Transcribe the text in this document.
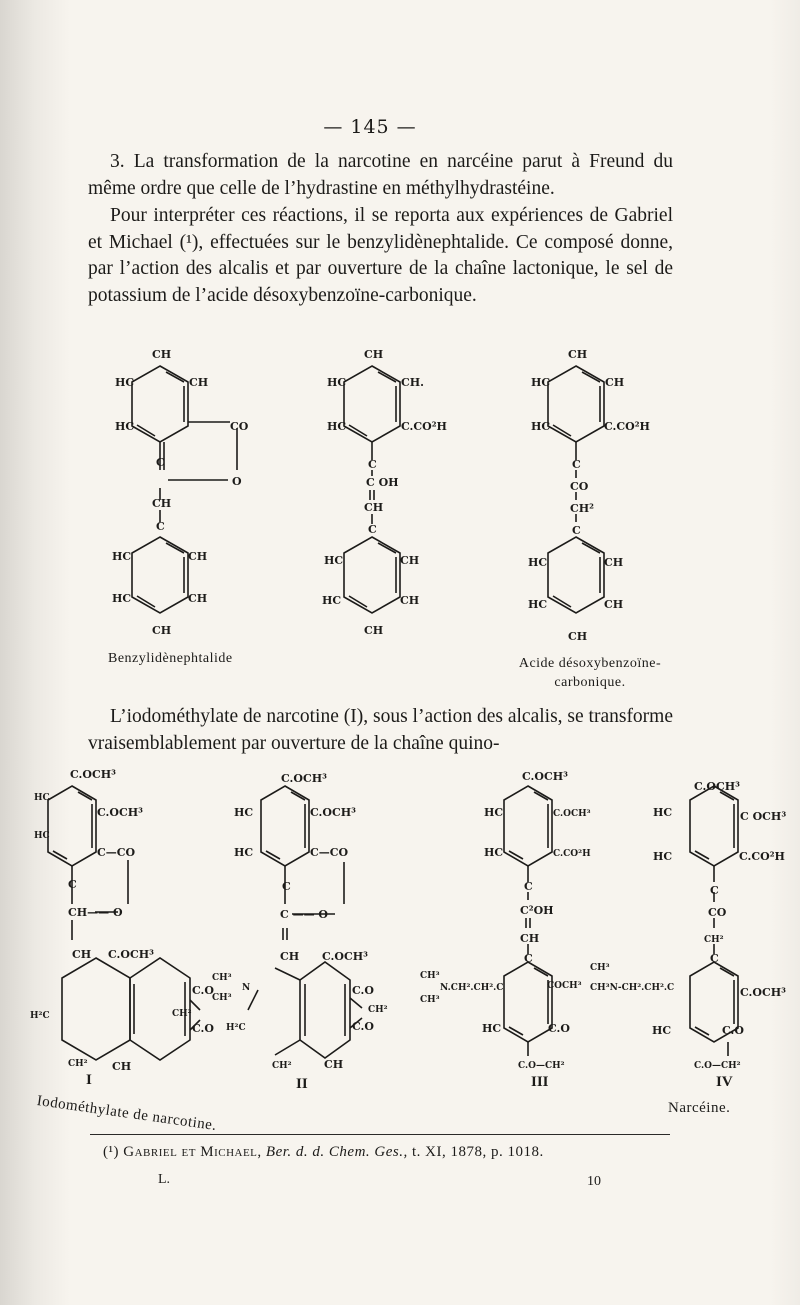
— 145 —

3. La transformation de la narcotine en narcéine parut à Freund du même ordre que celle de l’hydrastine en méthylhydrastéine.

Pour interpréter ces réactions, il se reporta aux expériences de Gabriel et Michael (¹), effectuées sur le benzylidènephtalide. Ce composé donne, par l’action des alcalis et par ouverture de la chaîne lactonique, le sel de potassium de l’acide désoxybenzoïne-carbonique.

CH
HC	CH
HC	CO
C
O
CH
C
HC	CH
HC	CH
CH
CH
HC	CH.
HC	C.CO²H
C
C OH
CH
C
HC	CH
HC	CH
CH
CH
HC	CH
HC	C.CO²H
C
CO
CH²
C
HC	CH
HC	CH
CH
C.OCH³
HC
C.OCH³
HC
C—CO
C
CH—— O
CH C.OCH³
C.O
CH²
C.O
CH² CH
H²C
C.OCH³
HC	C.OCH³
HC	C—CO
C
C —— O
CH C.OCH³
CH³
CH³
N	C.O
CH²
H²C	C.O
CH²	CH
C.OCH³
HC	C.OCH³
HC	C.CO²H
C
C²OH
CH
C
CH³
N.CH².CH².C
CH³
COCH³
HC	C.O
C.O—CH²
C.OCH³
HC	C OCH³
HC	C.CO²H
C
CO
CH²
C
CH³
CH³N-CH².CH².C	C.OCH³
HC	C.O
C.O—CH²
Benzylidènephtalide	Acide désoxybenzoïne-
carbonique.

L’iodométhylate de narcotine (I), sous l’action des alcalis, se transforme vraisemblablement par ouverture de la chaîne quino-

I	II	III	IV
Iodométhylate de narcotine.	Narcéine.
(¹) Gabriel et Michael, Ber. d. d. Chem. Ges., t. XI, 1878, p. 1018.
L.	10
